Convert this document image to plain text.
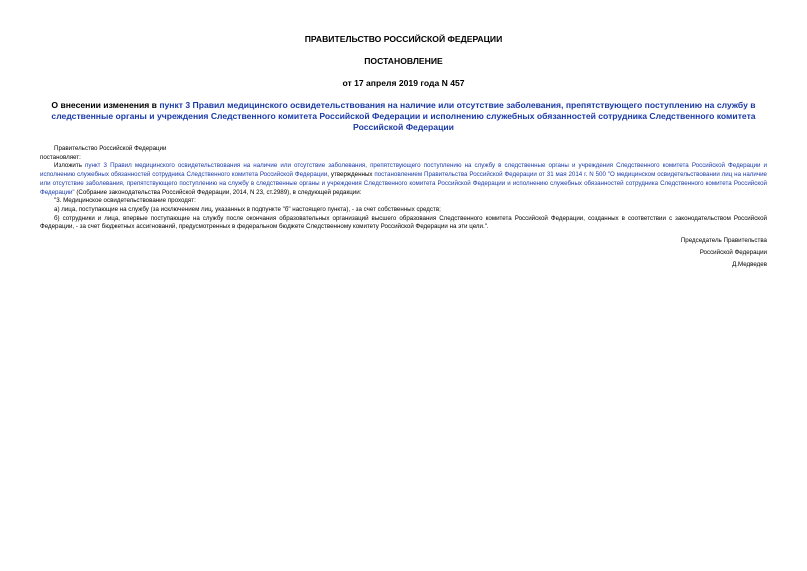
ПРАВИТЕЛЬСТВО РОССИЙСКОЙ ФЕДЕРАЦИИ

ПОСТАНОВЛЕНИЕ

от 17 апреля 2019 года N 457

О внесении изменения в пункт 3 Правил медицинского освидетельствования на наличие или отсутствие заболевания, препятствующего поступлению на службу в следственные органы и учреждения Следственного комитета Российской Федерации и исполнению служебных обязанностей сотрудника Следственного комитета Российской Федерации

Правительство Российской Федерации

постановляет:

Изложить пункт 3 Правил медицинского освидетельствования на наличие или отсутствие заболевания, препятствующего поступлению на службу в следственные органы и учреждения Следственного комитета Российской Федерации и исполнению служебных обязанностей сотрудника Следственного комитета Российской Федерации, утвержденных постановлением Правительства Российской Федерации от 31 мая 2014 г. N 500 "О медицинском освидетельствовании лиц на наличие или отсутствие заболевания, препятствующего поступлению на службу в следственные органы и учреждения Следственного комитета Российской Федерации и исполнению служебных обязанностей сотрудника Следственного комитета Российской Федерации" (Собрание законодательства Российской Федерации, 2014, N 23, ст.2989), в следующей редакции:

"3. Медицинское освидетельствование проходят:

а) лица, поступающие на службу (за исключением лиц, указанных в подпункте "б" настоящего пункта), - за счет собственных средств;

б) сотрудники и лица, впервые поступающие на службу после окончания образовательных организаций высшего образования Следственного комитета Российской Федерации, созданных в соответствии с законодательством Российской Федерации, - за счет бюджетных ассигнований, предусмотренных в федеральном бюджете Следственному комитету Российской Федерации на эти цели.".

Председатель Правительства

Российской Федерации

Д.Медведев
